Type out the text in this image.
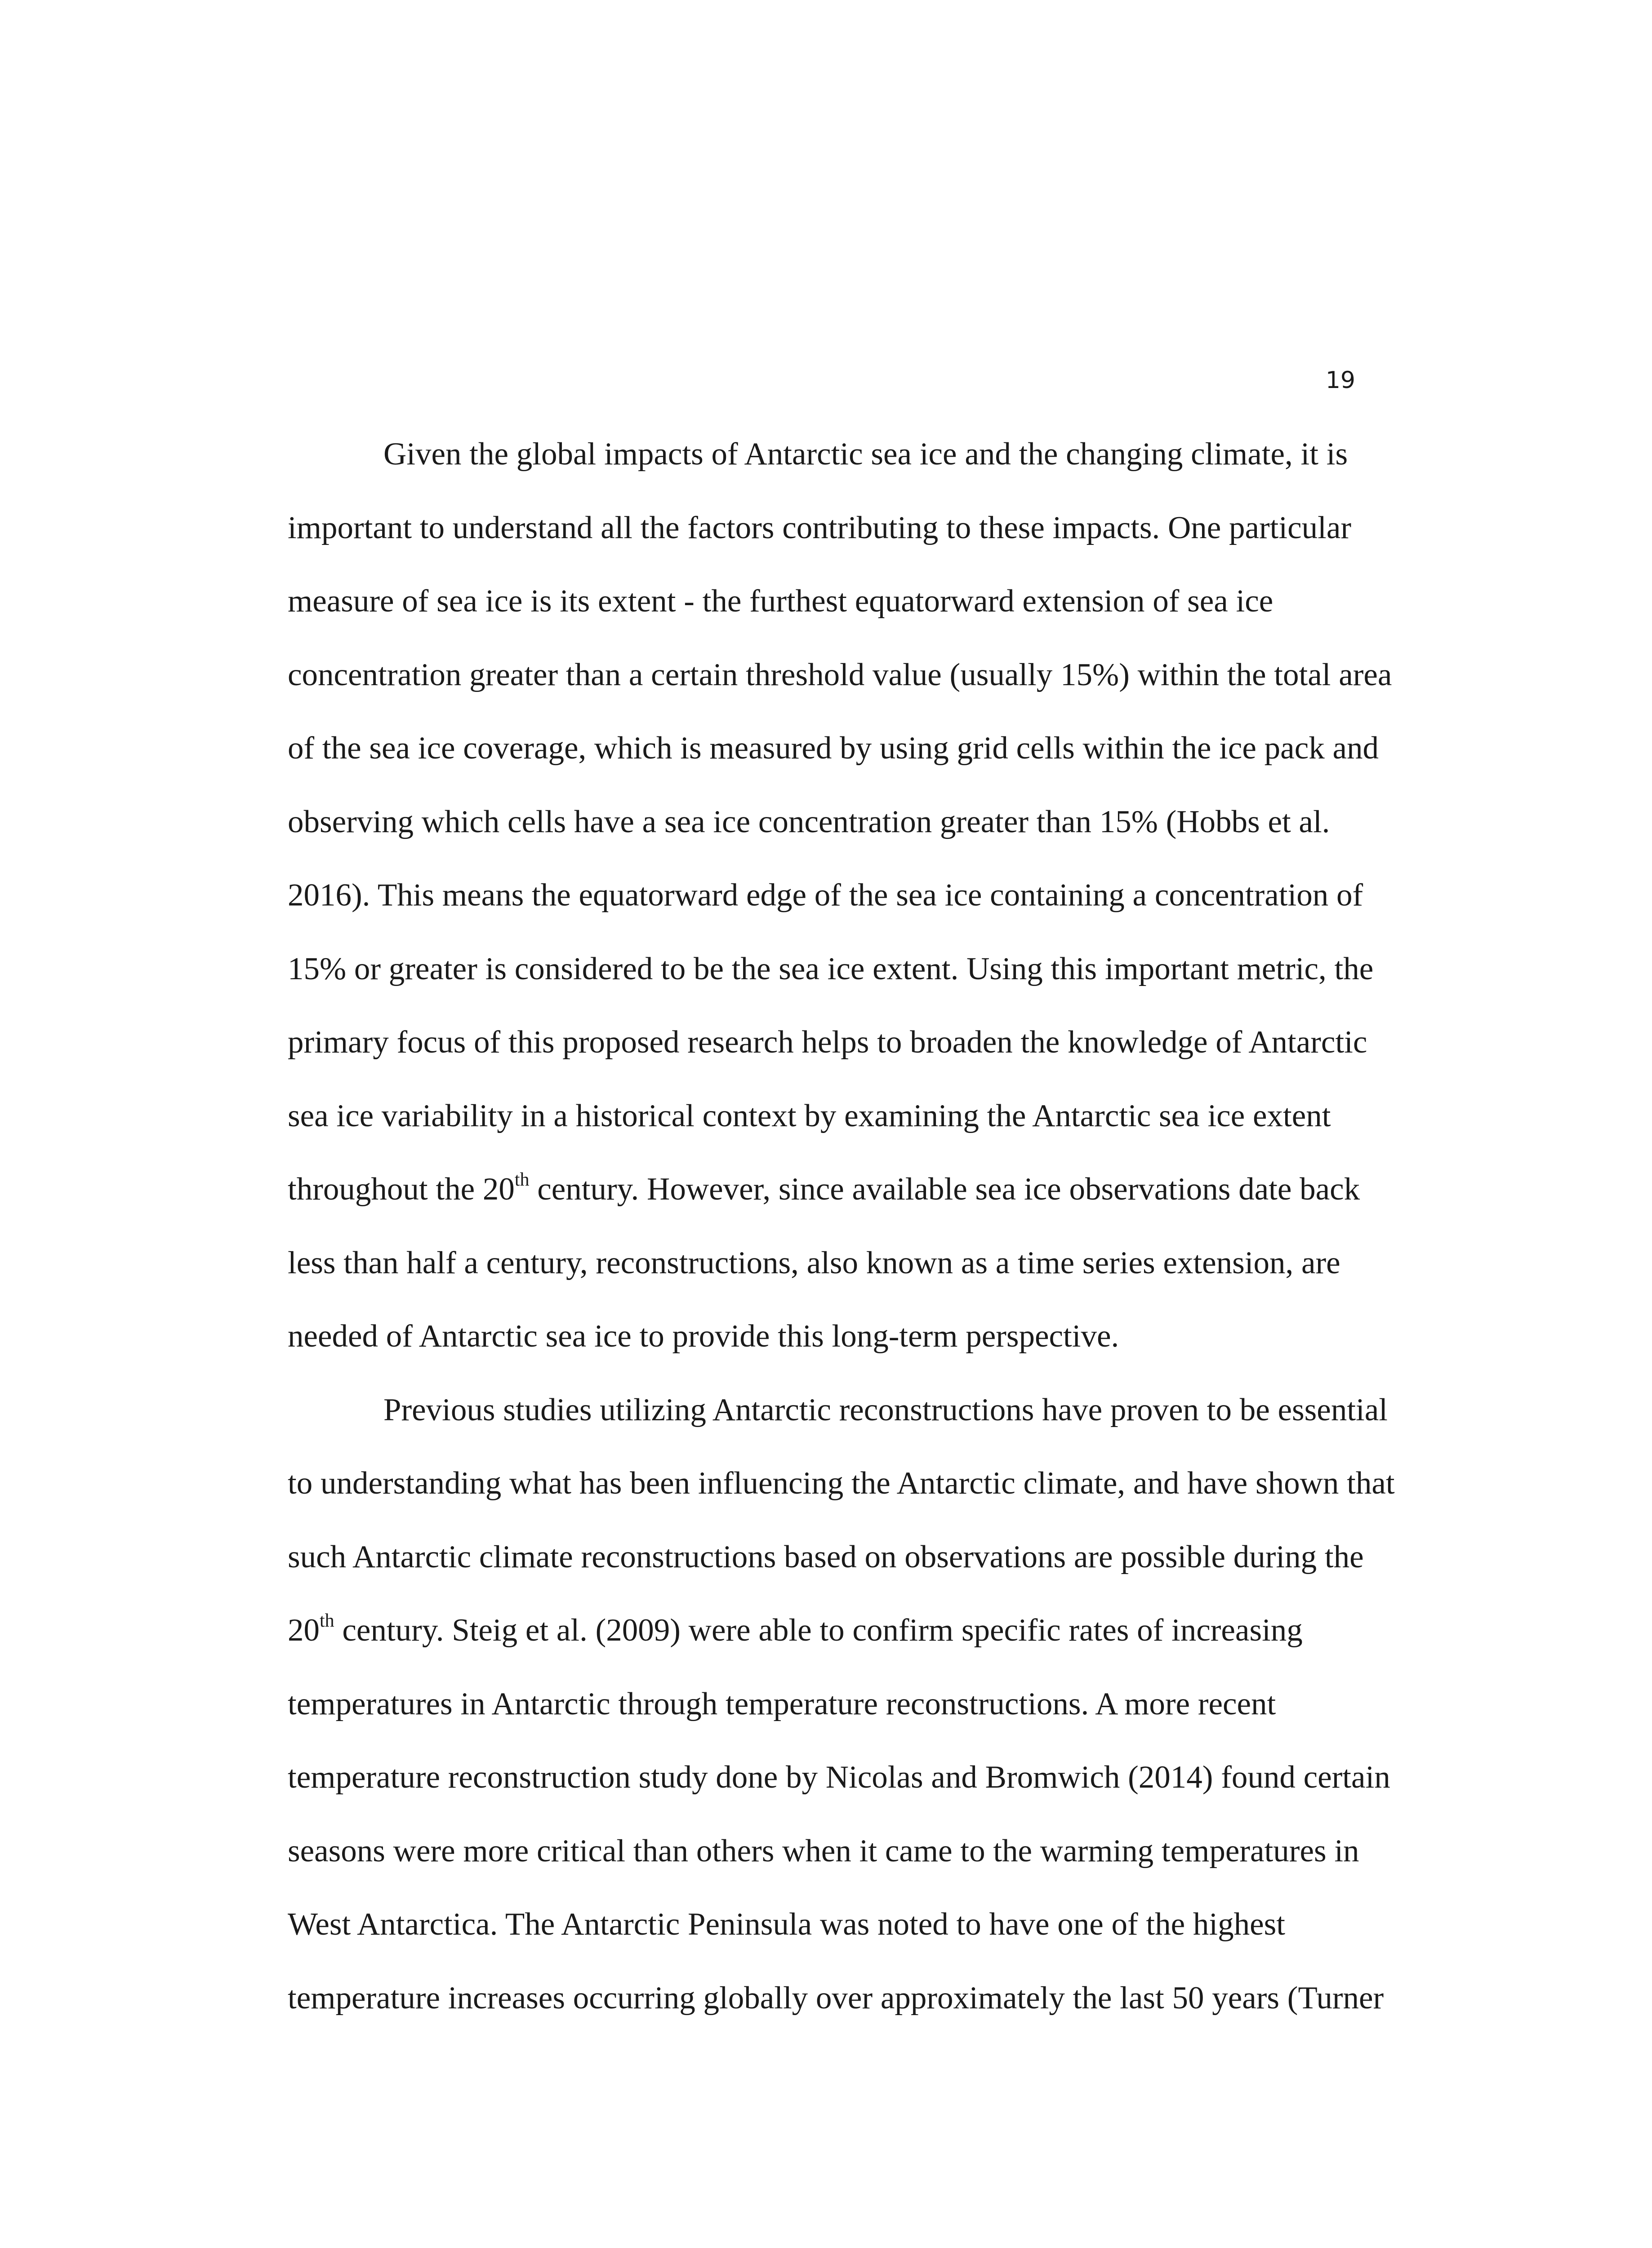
19
Given the global impacts of Antarctic sea ice and the changing climate, it is
important to understand all the factors contributing to these impacts. One particular
measure of sea ice is its extent - the furthest equatorward extension of sea ice
concentration greater than a certain threshold value (usually 15%) within the total area
of the sea ice coverage, which is measured by using grid cells within the ice pack and
observing which cells have a sea ice concentration greater than 15% (Hobbs et al.
2016). This means the equatorward edge of the sea ice containing a concentration of
15% or greater is considered to be the sea ice extent. Using this important metric, the
primary focus of this proposed research helps to broaden the knowledge of Antarctic
sea ice variability in a historical context by examining the Antarctic sea ice extent
throughout the 20th century. However, since available sea ice observations date back
less than half a century, reconstructions, also known as a time series extension, are
needed of Antarctic sea ice to provide this long-term perspective.
Previous studies utilizing Antarctic reconstructions have proven to be essential
to understanding what has been influencing the Antarctic climate, and have shown that
such Antarctic climate reconstructions based on observations are possible during the
20th century. Steig et al. (2009) were able to confirm specific rates of increasing
temperatures in Antarctic through temperature reconstructions. A more recent
temperature reconstruction study done by Nicolas and Bromwich (2014) found certain
seasons were more critical than others when it came to the warming temperatures in
West Antarctica. The Antarctic Peninsula was noted to have one of the highest
temperature increases occurring globally over approximately the last 50 years (Turner
